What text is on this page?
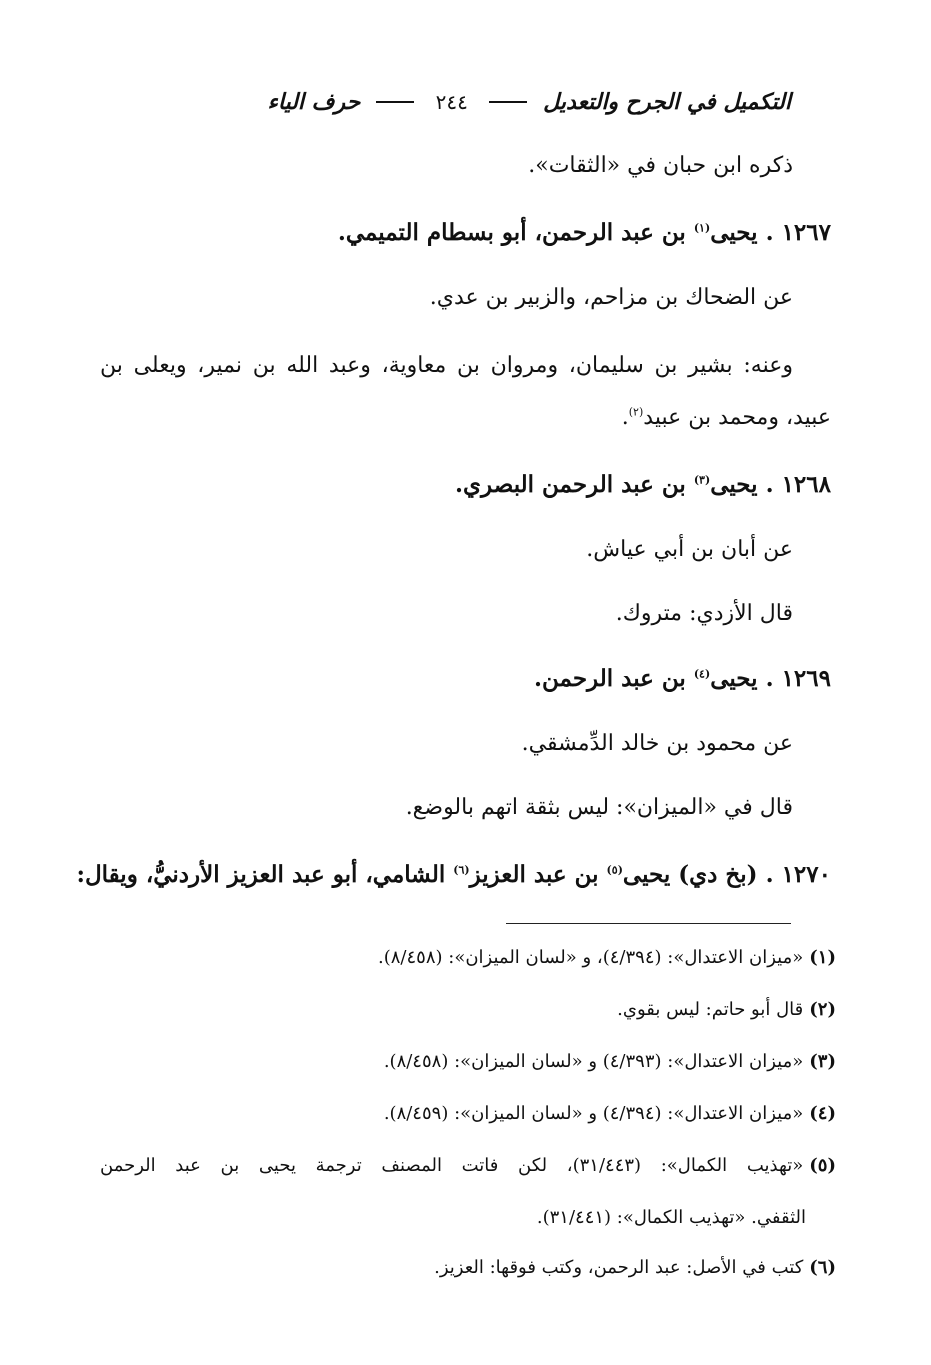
التكميل في الجرح والتعديل  ٢٤٤  حرف الياء
ذكره ابن حبان في «الثقات».
١٢٦٧ . يحيى$^{(١)}$ بن عبد الرحمن، أبو بسطام التميمي.
عن الضحاك بن مزاحم، والزبير بن عدي.
وعنه: بشير بن سليمان، ومروان بن معاوية، وعبد الله بن نمير، ويعلى بن
عبيد، ومحمد بن عبيد$^{(٢)}$.
١٢٦٨ . يحيى$^{(٣)}$ بن عبد الرحمن البصري.
عن أبان بن أبي عياش.
قال الأزدي: متروك.
١٢٦٩ . يحيى$^{(٤)}$ بن عبد الرحمن.
عن محمود بن خالد الدِّمشقي.
قال في «الميزان»: ليس بثقة اتهم بالوضع.
١٢٧٠ . (بخ دي) يحيى$^{(٥)}$ بن عبد العزيز$^{(٦)}$ الشامي، أبو عبد العزيز الأردنيُّ، ويقال:
(١)«ميزان الاعتدال»: (٤/٣٩٤)، و «لسان الميزان»: (٨/٤٥٨).
(٢)قال أبو حاتم: ليس بقوي.
(٣)«ميزان الاعتدال»: (٤/٣٩٣) و «لسان الميزان»: (٨/٤٥٨).
(٤)«ميزان الاعتدال»: (٤/٣٩٤) و «لسان الميزان»: (٨/٤٥٩).
(٥)«تهذيب الكمال»: (٣١/٤٤٣)، لكن فاتت المصنف ترجمة يحيى بن عبد الرحمن
الثقفي. «تهذيب الكمال»: (٣١/٤٤١).
(٦)كتب في الأصل: عبد الرحمن، وكتب فوقها: العزيز.
